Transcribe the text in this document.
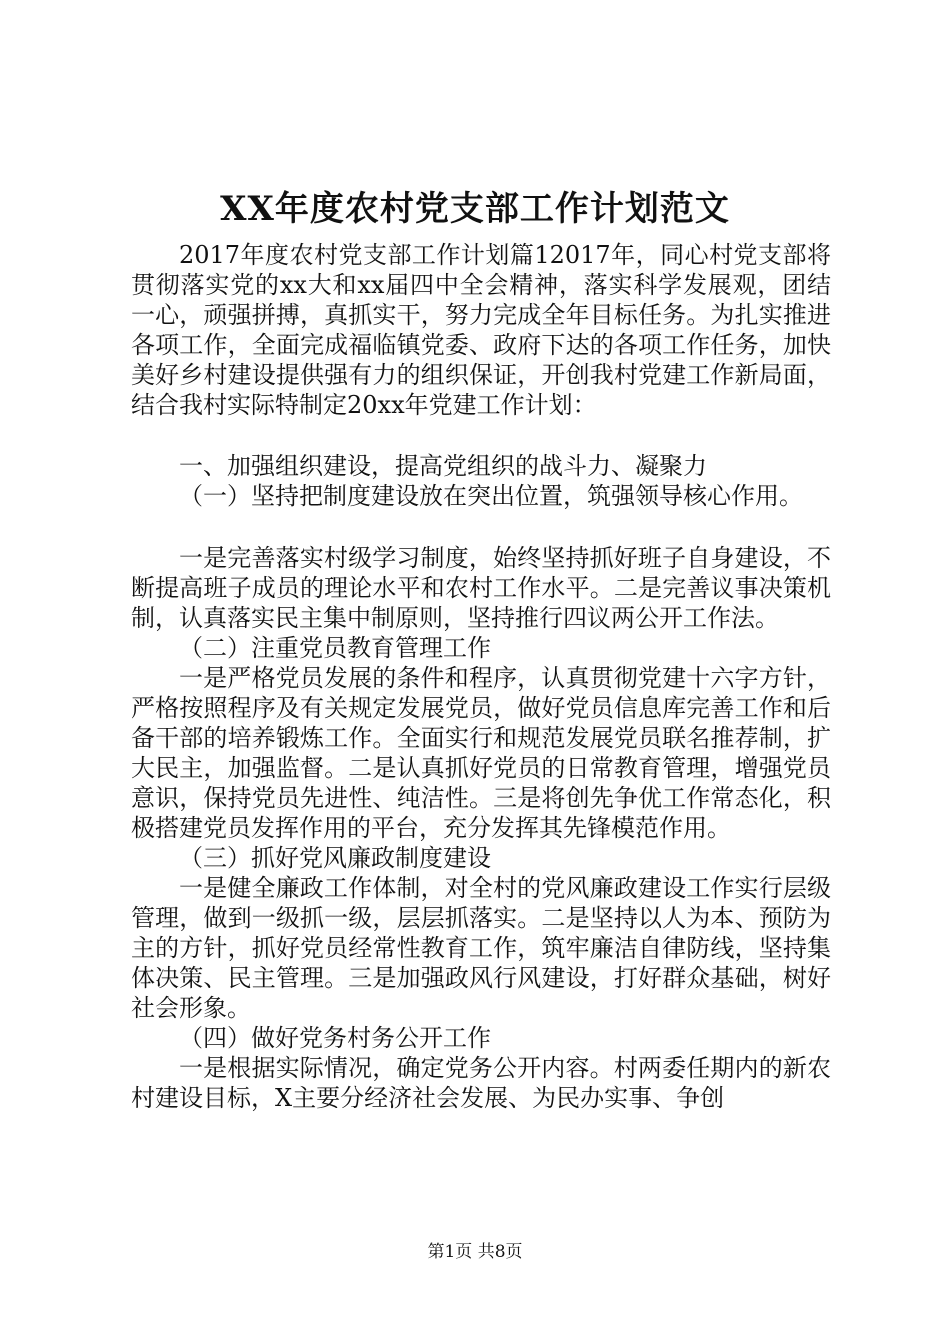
XX年度农村党支部工作计划范文

2017年度农村党支部工作计划篇12017年，同心村党支部将贯彻落实党的xx大和xx届四中全会精神，落实科学发展观，团结一心，顽强拼搏，真抓实干，努力完成全年目标任务。为扎实推进各项工作，全面完成福临镇党委、政府下达的各项工作任务，加快美好乡村建设提供强有力的组织保证，开创我村党建工作新局面，结合我村实际特制定20xx年党建工作计划：

一、加强组织建设，提高党组织的战斗力、凝聚力

（一）坚持把制度建设放在突出位置，筑强领导核心作用。

一是完善落实村级学习制度，始终坚持抓好班子自身建设，不断提高班子成员的理论水平和农村工作水平。二是完善议事决策机制，认真落实民主集中制原则，坚持推行四议两公开工作法。

（二）注重党员教育管理工作

一是严格党员发展的条件和程序，认真贯彻党建十六字方针，严格按照程序及有关规定发展党员，做好党员信息库完善工作和后备干部的培养锻炼工作。全面实行和规范发展党员联名推荐制，扩大民主，加强监督。二是认真抓好党员的日常教育管理，增强党员意识，保持党员先进性、纯洁性。三是将创先争优工作常态化，积极搭建党员发挥作用的平台，充分发挥其先锋模范作用。

（三）抓好党风廉政制度建设

一是健全廉政工作体制，对全村的党风廉政建设工作实行层级管理，做到一级抓一级，层层抓落实。二是坚持以人为本、预防为主的方针，抓好党员经常性教育工作，筑牢廉洁自律防线，坚持集体决策、民主管理。三是加强政风行风建设，打好群众基础，树好社会形象。

（四）做好党务村务公开工作

一是根据实际情况，确定党务公开内容。村两委任期内的新农村建设目标，X主要分经济社会发展、为民办实事、争创

第1页 共8页
